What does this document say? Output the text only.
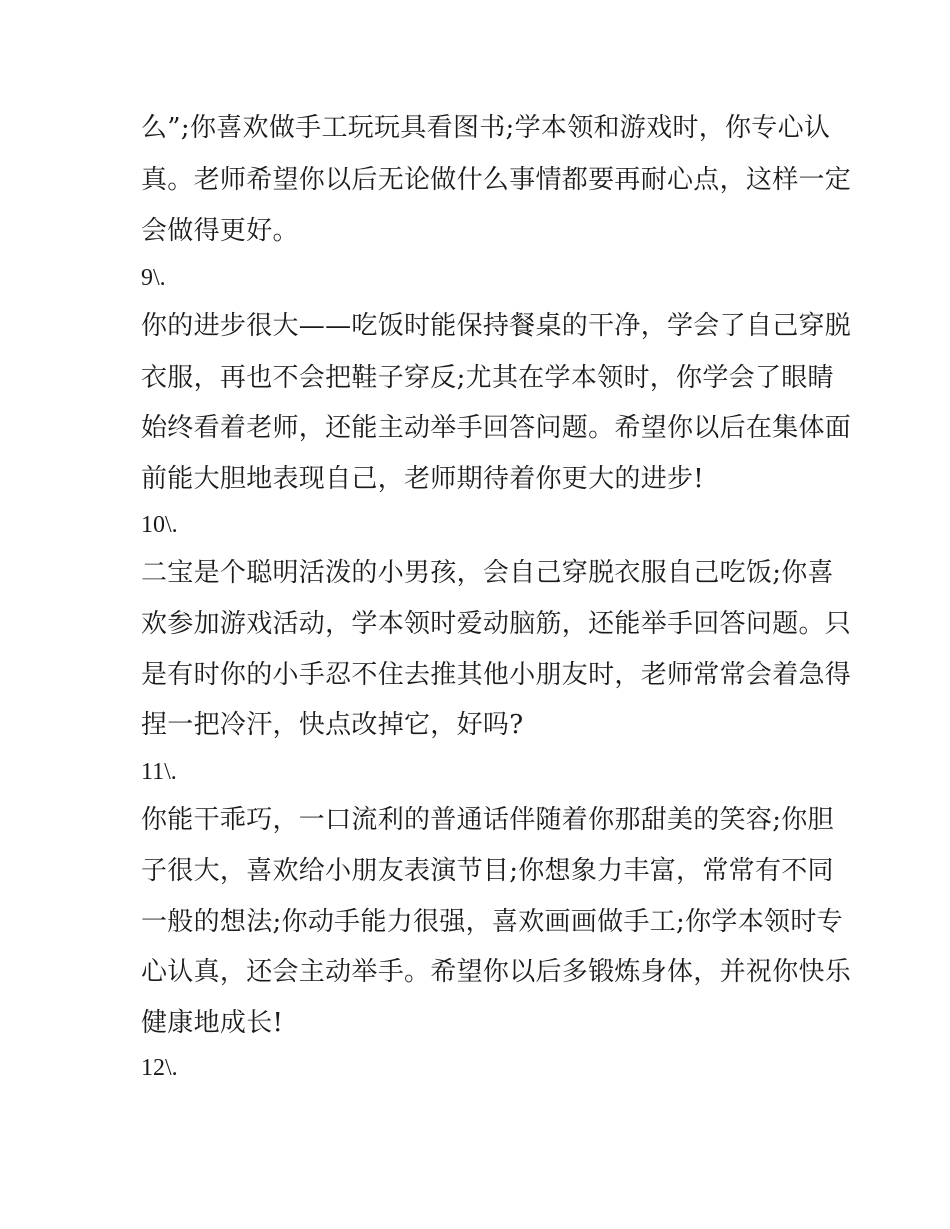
么”;你喜欢做手工玩玩具看图书;学本领和游戏时，你专心认
真。老师希望你以后无论做什么事情都要再耐心点，这样一定
会做得更好。
9\.
你的进步很大——吃饭时能保持餐桌的干净，学会了自己穿脱
衣服，再也不会把鞋子穿反;尤其在学本领时，你学会了眼睛
始终看着老师，还能主动举手回答问题。希望你以后在集体面
前能大胆地表现自己，老师期待着你更大的进步!
10\.
二宝是个聪明活泼的小男孩，会自己穿脱衣服自己吃饭;你喜
欢参加游戏活动，学本领时爱动脑筋，还能举手回答问题。只
是有时你的小手忍不住去推其他小朋友时，老师常常会着急得
捏一把冷汗，快点改掉它，好吗?
11\.
你能干乖巧，一口流利的普通话伴随着你那甜美的笑容;你胆
子很大，喜欢给小朋友表演节目;你想象力丰富，常常有不同
一般的想法;你动手能力很强，喜欢画画做手工;你学本领时专
心认真，还会主动举手。希望你以后多锻炼身体，并祝你快乐
健康地成长!
12\.
